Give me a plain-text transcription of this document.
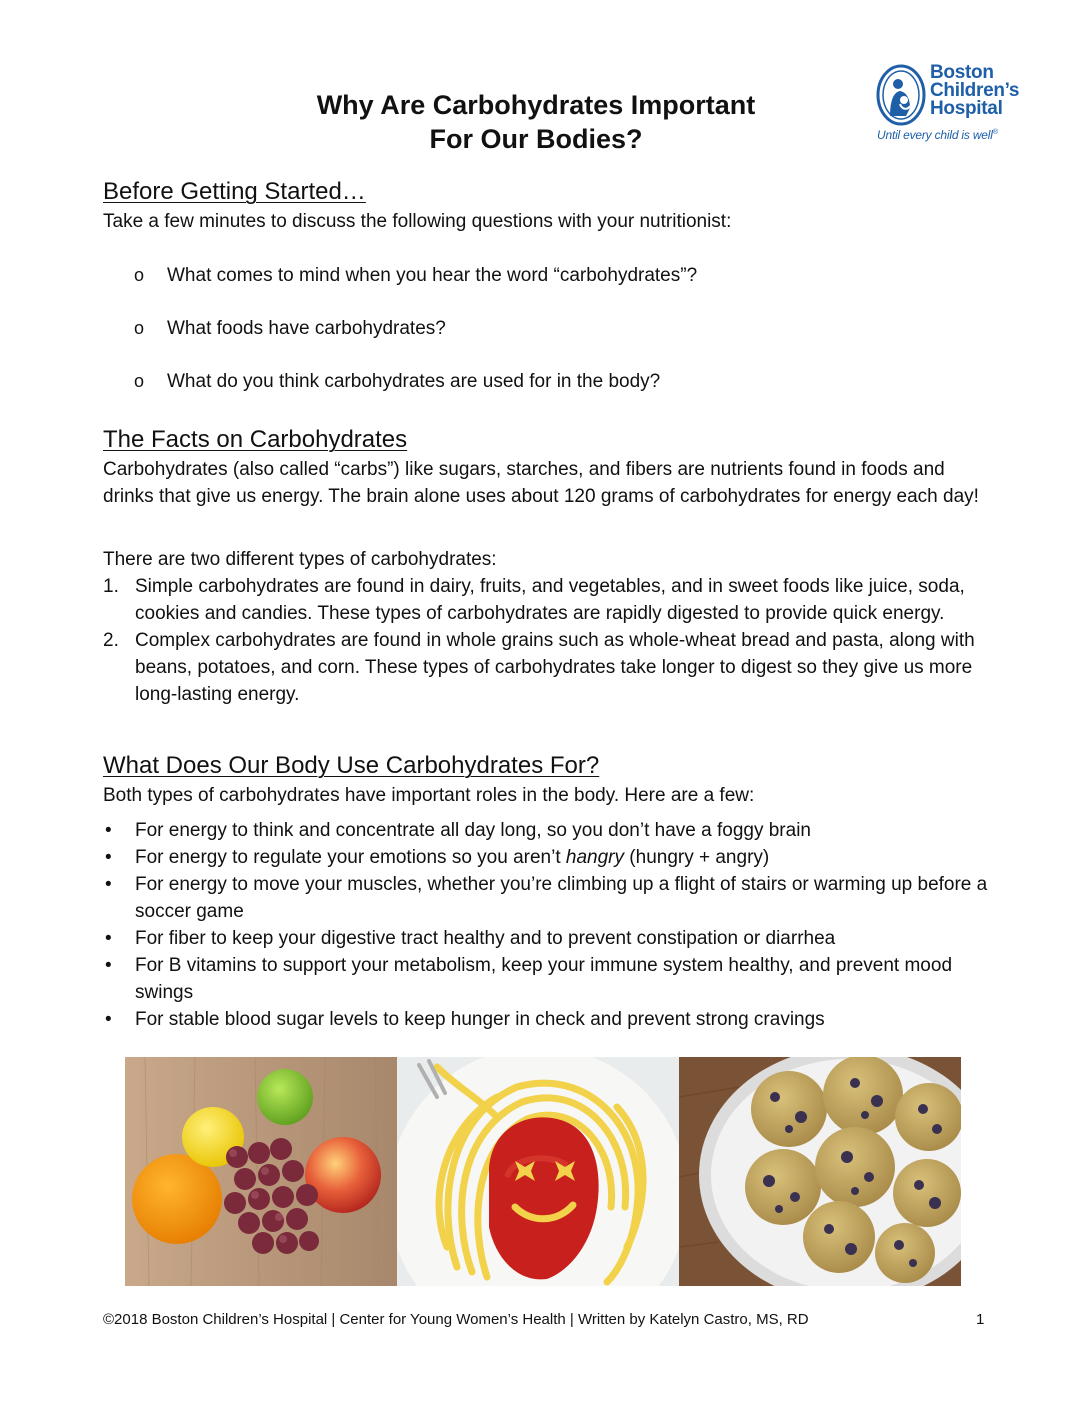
Boston
Children’s
Hospital
Until every child is well®
Why Are Carbohydrates Important
For Our Bodies?
Before Getting Started…
Take a few minutes to discuss the following questions with your nutritionist:
o What comes to mind when you hear the word “carbohydrates”?
o What foods have carbohydrates?
o What do you think carbohydrates are used for in the body?
The Facts on Carbohydrates
Carbohydrates (also called “carbs”) like sugars, starches, and fibers are nutrients found in foods and drinks that give us energy. The brain alone uses about 120 grams of carbohydrates for energy each day!
There are two different types of carbohydrates:
1. Simple carbohydrates are found in dairy, fruits, and vegetables, and in sweet foods like juice, soda, cookies and candies. These types of carbohydrates are rapidly digested to provide quick energy.
2. Complex carbohydrates are found in whole grains such as whole-wheat bread and pasta, along with beans, potatoes, and corn. These types of carbohydrates take longer to digest so they give us more long-lasting energy.
What Does Our Body Use Carbohydrates For?
Both types of carbohydrates have important roles in the body. Here are a few:
• For energy to think and concentrate all day long, so you don’t have a foggy brain
• For energy to regulate your emotions so you aren’t hangry (hungry + angry)
• For energy to move your muscles, whether you’re climbing up a flight of stairs or warming up before a soccer game
• For fiber to keep your digestive tract healthy and to prevent constipation or diarrhea
• For B vitamins to support your metabolism, keep your immune system healthy, and prevent mood swings
• For stable blood sugar levels to keep hunger in check and prevent strong cravings
©2018 Boston Children’s Hospital | Center for Young Women’s Health | Written by Katelyn Castro, MS, RD	1
